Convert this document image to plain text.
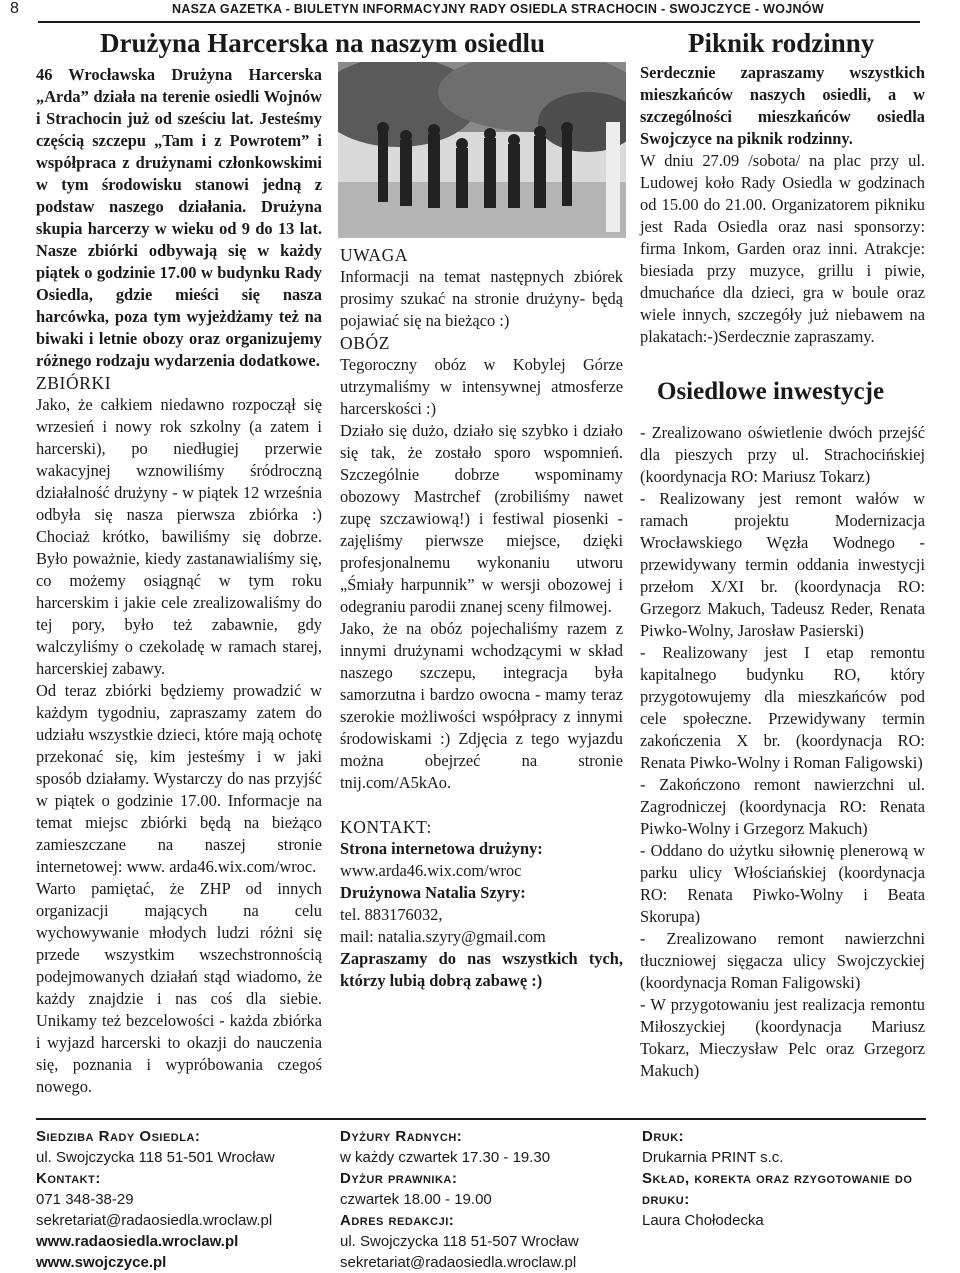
8	NASZA GAZETKA - BIULETYN INFORMACYJNY RADY OSIEDLA STRACHOCIN - SWOJCZYCE - WOJNÓW
Drużyna Harcerska na naszym osiedlu	Piknik rodzinny

46 Wrocławska Drużyna Harcerska „Arda” działa na terenie osiedli Wojnów i Strachocin już od sześciu lat. Jesteśmy częścią szczepu „Tam i z Powrotem” i współpraca z drużynami członkowskimi w tym środowisku stanowi jedną z podstaw naszego działania. Drużyna skupia harcerzy w wieku od 9 do 13 lat. Nasze zbiórki odbywają się w każdy piątek o godzinie 17.00 w budynku Rady Osiedla, gdzie mieści się nasza harcówka, poza tym wyjeżdżamy też na biwaki i letnie obozy oraz organizujemy różnego rodzaju wydarzenia dodatkowe.

ZBIÓRKI

Jako, że całkiem niedawno rozpoczął się wrzesień i nowy rok szkolny (a zatem i harcerski), po niedługiej przerwie wakacyjnej wznowiliśmy śródroczną działalność drużyny - w piątek 12 września odbyła się nasza pierwsza zbiórka :) Chociaż krótko, bawiliśmy się dobrze. Było poważnie, kiedy zastanawialiśmy się, co możemy osiągnąć w tym roku harcerskim i jakie cele zrealizowaliśmy do tej pory, było też zabawnie, gdy walczyliśmy o czekoladę w ramach starej, harcerskiej zabawy.

Od teraz zbiórki będziemy prowadzić w każdym tygodniu, zapraszamy zatem do udziału wszystkie dzieci, które mają ochotę przekonać się, kim jesteśmy i w jaki sposób działamy. Wystarczy do nas przyjść w piątek o godzinie 17.00. Informacje na temat miejsc zbiórki będą na bieżąco zamieszczane na naszej stronie internetowej: www. arda46.wix.com/wroc.

Warto pamiętać, że ZHP od innych organizacji mających na celu wychowywanie młodych ludzi różni się przede wszystkim wszechstronnością podejmowanych działań stąd wiadomo, że każdy znajdzie i nas coś dla siebie. Unikamy też bezcelowości - każda zbiórka i wyjazd harcerski to okazji do nauczenia się, poznania i wypróbowania czegoś nowego.

UWAGA

Informacji na temat następnych zbiórek prosimy szukać na stronie drużyny- będą pojawiać się na bieżąco :)

OBÓZ

Tegoroczny obóz w Kobylej Górze utrzymaliśmy w intensywnej atmosferze harcerskości :)

Działo się dużo, działo się szybko i działo się tak, że zostało sporo wspomnień. Szczególnie dobrze wspominamy obozowy Mastrchef (zrobiliśmy nawet zupę szczawiową!) i festiwal piosenki - zajęliśmy pierwsze miejsce, dzięki profesjonalnemu wykonaniu utworu „Śmiały harpunnik” w wersji obozowej i odegraniu parodii znanej sceny filmowej.

Jako, że na obóz pojechaliśmy razem z innymi drużynami wchodzącymi w skład naszego szczepu, integracja była samorzutna i bardzo owocna - mamy teraz szerokie możliwości współpracy z innymi środowiskami :) Zdjęcia z tego wyjazdu można obejrzeć na stronie tnij.com/A5kAo.

KONTAKT:

Strona internetowa drużyny:

www.arda46.wix.com/wroc

Drużynowa Natalia Szyry:

tel. 883176032,

mail: natalia.szyry@gmail.com

Zapraszamy do nas wszystkich tych, którzy lubią dobrą zabawę :)

Serdecznie zapraszamy wszystkich mieszkańców naszych osiedli, a w szczególności mieszkańców osiedla Swojczyce na piknik rodzinny.

W dniu 27.09 /sobota/ na plac przy ul. Ludowej koło Rady Osiedla w godzinach od 15.00 do 21.00. Organizatorem pikniku jest Rada Osiedla oraz nasi sponsorzy: firma Inkom, Garden oraz inni. Atrakcje: biesiada przy muzyce, grillu i piwie, dmuchańce dla dzieci, gra w boule oraz wiele innych, szczegóły już niebawem na plakatach:-)Serdecznie zapraszamy.

Osiedlowe inwestycje

- Zrealizowano oświetlenie dwóch przejść dla pieszych przy ul. Strachocińskiej (koordynacja RO: Mariusz Tokarz)

- Realizowany jest remont wałów w ramach projektu Modernizacja Wrocławskiego Węzła Wodnego - przewidywany termin oddania inwestycji przełom X/XI br. (koordynacja RO: Grzegorz Makuch, Tadeusz Reder, Renata Piwko-Wolny, Jarosław Pasierski)

- Realizowany jest I etap remontu kapitalnego budynku RO, który przygotowujemy dla mieszkańców pod cele społeczne. Przewidywany termin zakończenia X br. (koordynacja RO: Renata Piwko-Wolny i Roman Faligowski)

- Zakończono remont nawierzchni ul. Zagrodniczej (koordynacja RO: Renata Piwko-Wolny i Grzegorz Makuch)

- Oddano do użytku siłownię plenerową w parku ulicy Włościańskiej (koordynacja RO: Renata Piwko-Wolny i Beata Skorupa)

- Zrealizowano remont nawierzchni tłuczniowej sięgacza ulicy Swojczyckiej (koordynacja Roman Faligowski)

- W przygotowaniu jest realizacja remontu Miłoszyckiej (koordynacja Mariusz Tokarz, Mieczysław Pelc oraz Grzegorz Makuch)

Siedziba Rady Osiedla:

ul. Swojczycka 118 51-501 Wrocław

Kontakt:

071 348-38-29

sekretariat@radaosiedla.wroclaw.pl

www.radaosiedla.wroclaw.pl

www.swojczyce.pl

Dyżury Radnych:

w każdy czwartek 17.30 - 19.30

Dyżur prawnika:

czwartek 18.00 - 19.00

Adres redakcji:

ul. Swojczycka 118 51-507 Wrocław

sekretariat@radaosiedla.wroclaw.pl

Druk:

Drukarnia PRINT s.c.

Skład, korekta oraz rzygotowanie do druku:

Laura Chołodecka
